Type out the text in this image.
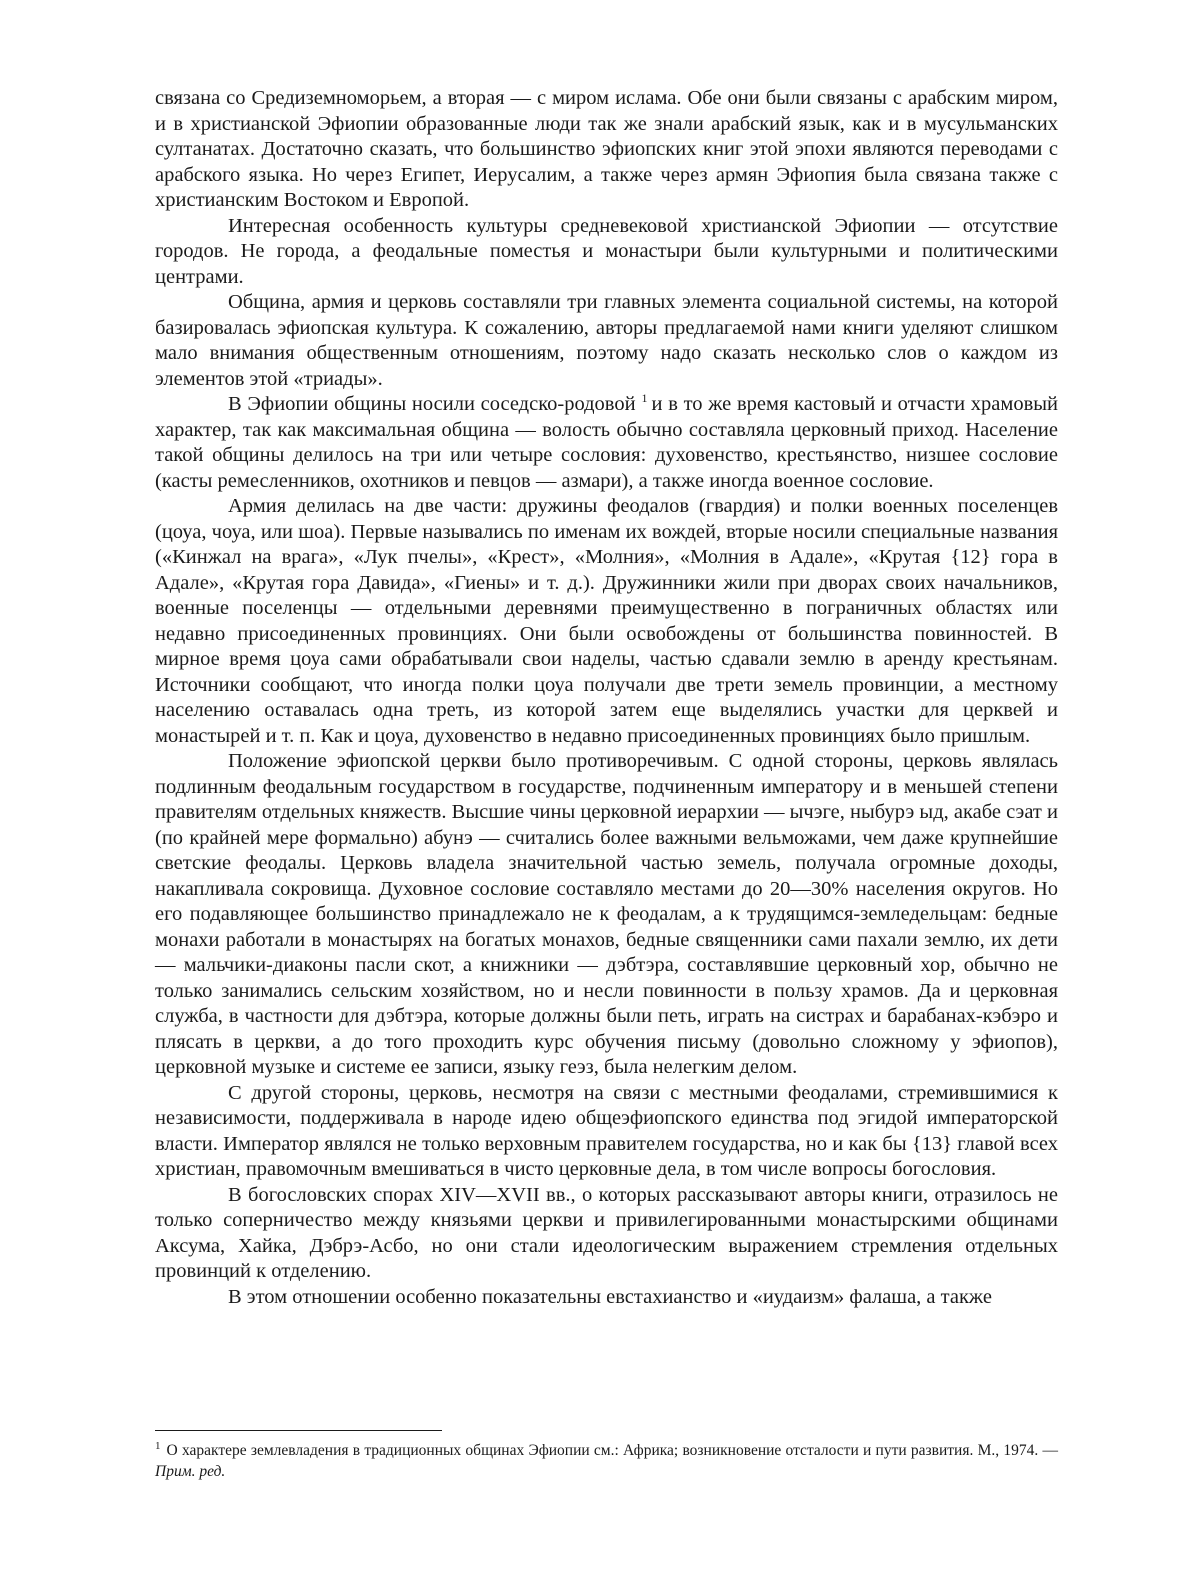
связана со Средиземноморьем, а вторая — с миром ислама. Обе они были связаны с арабским миром, и в христианской Эфиопии образованные люди так же знали арабский язык, как и в мусульманских султанатах. Достаточно сказать, что большинство эфиопских книг этой эпохи являются переводами с арабского языка. Но через Египет, Иерусалим, а также через армян Эфиопия была связана также с христианским Востоком и Европой.

Интересная особенность культуры средневековой христианской Эфиопии — отсутствие городов. Не города, а феодальные поместья и монастыри были культурными и политическими центрами.

Община, армия и церковь составляли три главных элемента социальной системы, на которой базировалась эфиопская культура. К сожалению, авторы предлагаемой нами книги уделяют слишком мало внимания общественным отношениям, поэтому надо сказать несколько слов о каждом из элементов этой «триады».

В Эфиопии общины носили соседско-родовой $^1$ и в то же время кастовый и отчасти храмовый характер, так как максимальная община — волость обычно составляла церковный приход. Население такой общины делилось на три или четыре сословия: духовенство, крестьянство, низшее сословие (касты ремесленников, охотников и певцов — азмари), а также иногда военное сословие.

Армия делилась на две части: дружины феодалов (гвардия) и полки военных поселенцев (цоуа, чоуа, или шоа). Первые назывались по именам их вождей, вторые носили специальные названия («Кинжал на врага», «Лук пчелы», «Крест», «Молния», «Молния в Адале», «Крутая {12} гора в Адале», «Крутая гора Давида», «Гиены» и т. д.). Дружинники жили при дворах своих начальников, военные поселенцы — отдельными деревнями преимущественно в пограничных областях или недавно присоединенных провинциях. Они были освобождены от большинства повинностей. В мирное время цоуа сами обрабатывали свои наделы, частью сдавали землю в аренду крестьянам. Источники сообщают, что иногда полки цоуа получали две трети земель провинции, а местному населению оставалась одна треть, из которой затем еще выделялись участки для церквей и монастырей и т. п. Как и цоуа, духовенство в недавно присоединенных провинциях было пришлым.

Положение эфиопской церкви было противоречивым. С одной стороны, церковь являлась подлинным феодальным государством в государстве, подчиненным императору и в меньшей степени правителям отдельных княжеств. Высшие чины церковной иерархии — ычэге, ныбурэ ыд, акабе сэат и (по крайней мере формально) абунэ — считались более важными вельможами, чем даже крупнейшие светские феодалы. Церковь владела значительной частью земель, получала огромные доходы, накапливала сокровища. Духовное сословие составляло местами до 20—30% населения округов. Но его подавляющее большинство принадлежало не к феодалам, а к трудящимся-земледельцам: бедные монахи работали в монастырях на богатых монахов, бедные священники сами пахали землю, их дети — мальчики-диаконы пасли скот, а книжники — дэбтэра, составлявшие церковный хор, обычно не только занимались сельским хозяйством, но и несли повинности в пользу храмов. Да и церковная служба, в частности для дэбтэра, которые должны были петь, играть на систрах и барабанах-кэбэро и плясать в церкви, а до того проходить курс обучения письму (довольно сложному у эфиопов), церковной музыке и системе ее записи, языку геэз, была нелегким делом.

С другой стороны, церковь, несмотря на связи с местными феодалами, стремившимися к независимости, поддерживала в народе идею общеэфиопского единства под эгидой императорской власти. Император являлся не только верховным правителем государства, но и как бы {13} главой всех христиан, правомочным вмешиваться в чисто церковные дела, в том числе вопросы богословия.

В богословских спорах XIV—XVII вв., о которых рассказывают авторы книги, отразилось не только соперничество между князьями церкви и привилегированными монастырскими общинами Аксума, Хайка, Дэбрэ-Асбо, но они стали идеологическим выражением стремления отдельных провинций к отделению.

В этом отношении особенно показательны евстахианство и «иудаизм» фалаша, а также

$^1$ О характере землевладения в традиционных общинах Эфиопии см.: Африка; возникновение отсталости и пути развития. М., 1974. — Прим. ред.
